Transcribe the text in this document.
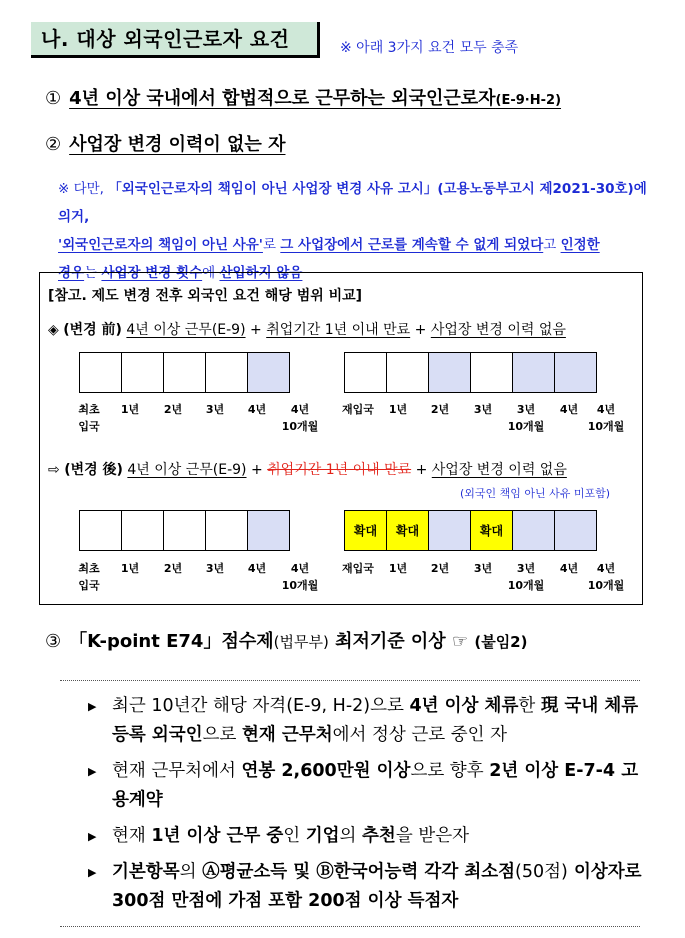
나. 대상 외국인근로자 요건	※ 아래 3가지 요건 모두 충족
① 4년 이상 국내에서 합법적으로 근무하는 외국인근로자(E-9·H-2)
② 사업장 변경 이력이 없는 자
※ 다만, 「외국인근로자의 책임이 아닌 사업장 변경 사유 고시」(고용노동부고시 제2021-30호)에 의거,
'외국인근로자의 책임이 아닌 사유'로 그 사업장에서 근로를 계속할 수 없게 되었다고 인정한
경우는 사업장 변경 횟수에 산입하지 않음
[참고. 제도 변경 전후 외국인 요건 해당 범위 비교]
◈ (변경 前) 4년 이상 근무(E-9) + 취업기간 1년 이내 만료 + 사업장 변경 이력 없음
최초
입국
1년	2년	3년	4년	4년
10개월
재입국	1년	2년	3년	3년
10개월
4년	4년
10개월
⇨ (변경 後) 4년 이상 근무(E-9) + 취업기간 1년 이내 만료 + 사업장 변경 이력 없음
(외국인 책임 아닌 사유 미포함)
확대	확대	확대
최초
입국
1년	2년	3년	4년	4년
10개월
재입국	1년	2년	3년	3년
10개월
4년	4년
10개월
③ 「K-point E74」점수제(법무부) 최저기준 이상 ☞ (붙임2)
▶ 최근 10년간 해당 자격(E-9, H-2)으로 4년 이상 체류한 現 국내 체류 등록 외국인으로 현재 근무처에서 정상 근로 중인 자
▶ 현재 근무처에서 연봉 2,600만원 이상으로 향후 2년 이상 E-7-4 고용계약
▶ 현재 1년 이상 근무 중인 기업의 추천을 받은자
▶ 기본항목의 Ⓐ평균소득 및 Ⓑ한국어능력 각각 최소점(50점) 이상자로 300점 만점에 가점 포함 200점 이상 득점자
